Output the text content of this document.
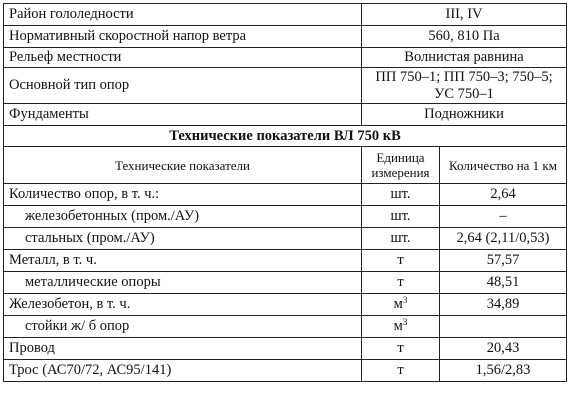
Район гололедности	III, IV	
Нормативный скоростной напор ветра	560, 810 Па	
Рельеф местности	Волнистая равнина	
Основной тип опор	ПП 750–1; ПП 750–3; 750–5; УС 750–1	
Фундаменты	Подножники	
Технические показатели ВЛ 750 кВ		
Технические показатели	Единица измерения	Количество на 1 км
Количество опор, в т. ч.:	шт.	2,64
железобетонных (пром./АУ)	шт.	–
стальных (пром./АУ)	шт.	2,64 (2,11/0,53)
Металл, в т. ч.	т	57,57
металлические опоры	т	48,51
Железобетон, в т. ч.	$м^3$	34,89
стойки ж/ б опор	$м^3$	
Провод	т	20,43
Трос (АС70/72, АС95/141)	т	1,56/2,83
